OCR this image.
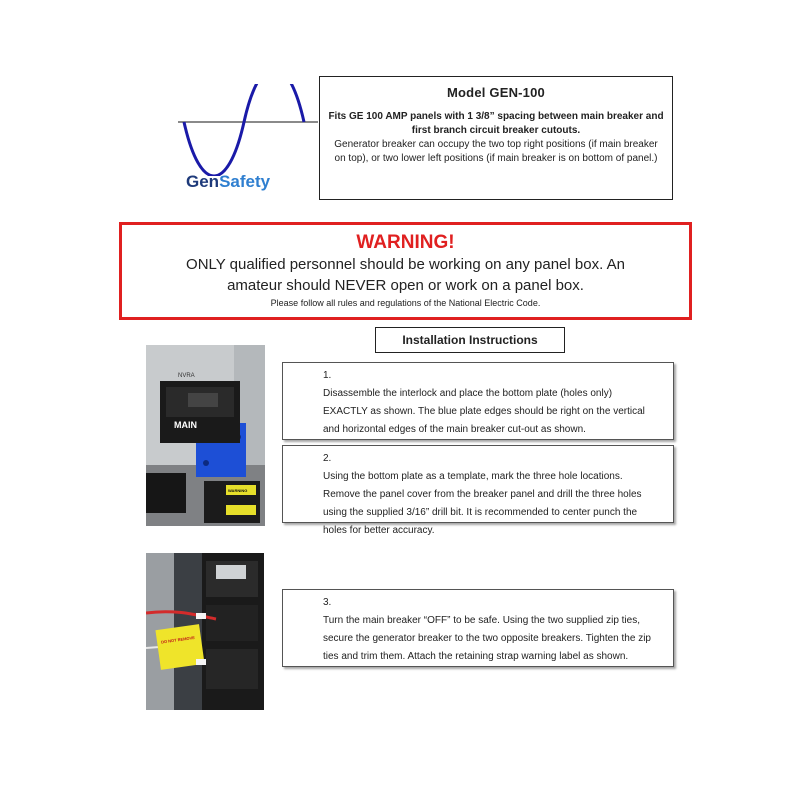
GenSafety
Model GEN-100
Fits GE 100 AMP panels with 1 3/8” spacing between main breaker and first branch circuit breaker cutouts.
Generator breaker can occupy the two top right positions (if main breaker on top), or two lower left positions (if main breaker is on bottom of panel.)
WARNING!
ONLY qualified personnel should be working on any panel box. An
amateur should NEVER open or work on a panel box.
Please follow all rules and regulations of the National Electric Code.
Installation Instructions
MAIN
NVRA
WARNING
DO NOT REMOVE
1.Disassemble the interlock and place the bottom plate (holes only) EXACTLY as shown. The blue plate edges should be right on the vertical and horizontal edges of the main breaker cut-out as shown.
2.Using the bottom plate as a template, mark the three hole locations. Remove the panel cover from the breaker panel and drill the three holes using the supplied 3/16” drill bit. It is recommended to center punch the holes for better accuracy.
3.Turn the main breaker “OFF” to be safe. Using the two supplied zip ties, secure the generator breaker to the two opposite breakers. Tighten the zip ties and trim them. Attach the retaining strap warning label as shown.
